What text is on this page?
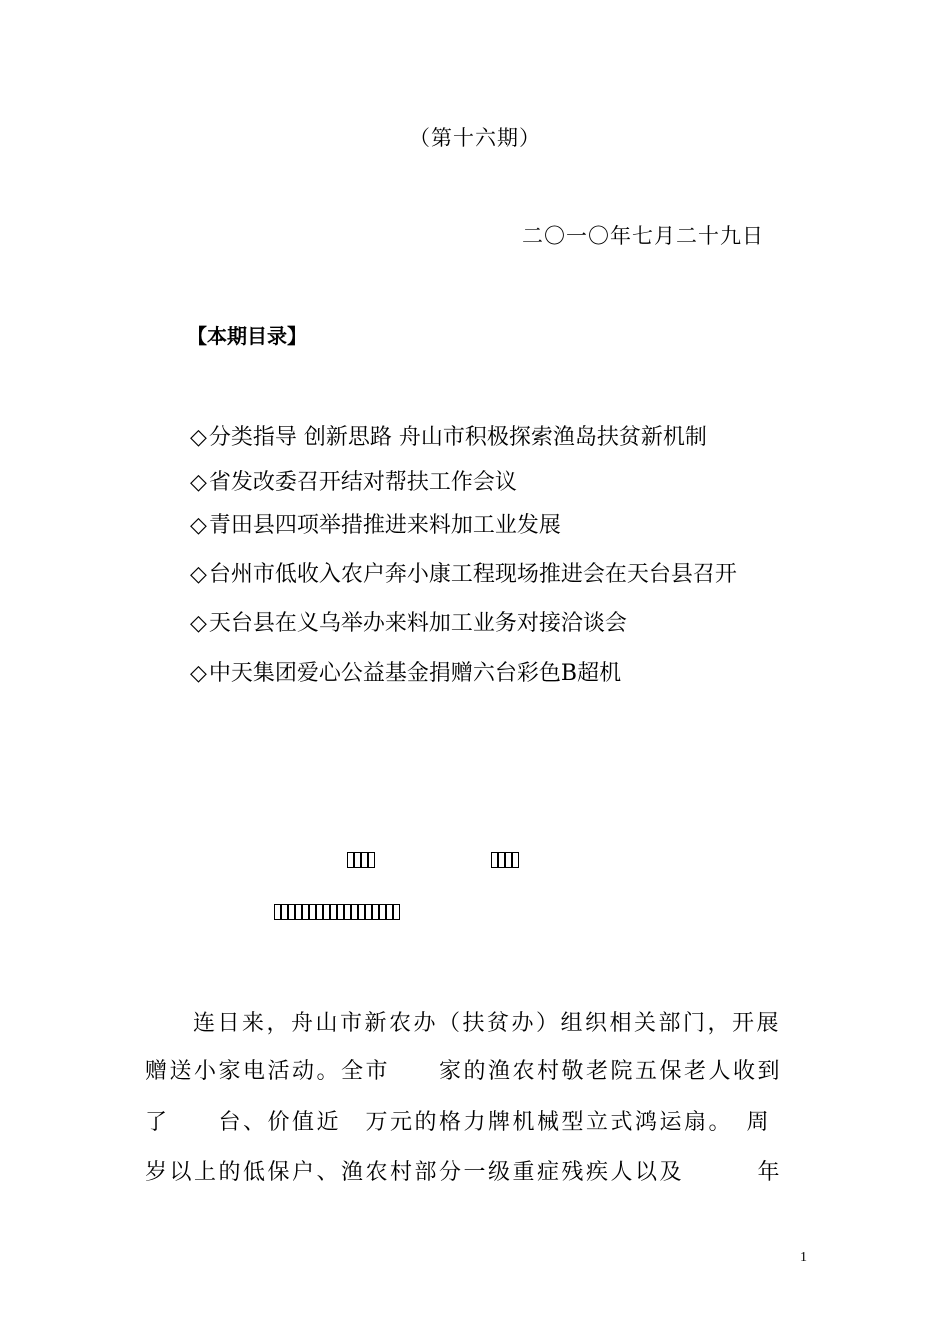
（第十六期）
二〇一〇年七月二十九日
【本期目录】
◇分类指导 创新思路 舟山市积极探索渔岛扶贫新机制
◇省发改委召开结对帮扶工作会议
◇青田县四项举措推进来料加工业发展
◇台州市低收入农户奔小康工程现场推进会在天台县召开
◇天台县在义乌举办来料加工业务对接洽谈会
◇中天集团爱心公益基金捐赠六台彩色B超机
连日来，舟山市新农办（扶贫办）组织相关部门，开展
赠送小家电活动。全市　　家的渔农村敬老院五保老人收到
了　　台、价值近　万元的格力牌机械型立式鸿运扇。　周
岁以上的低保户、渔农村部分一级重症残疾人以及　　　年
1
